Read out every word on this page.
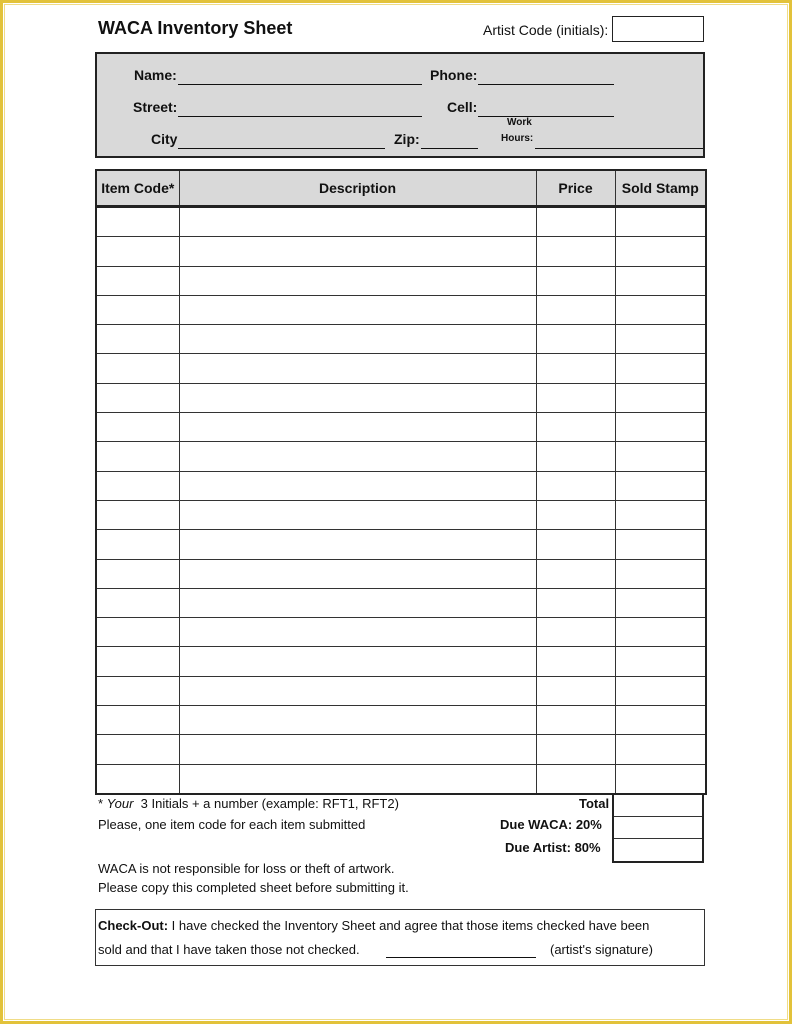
WACA Inventory Sheet	Artist Code (initials):
Name:	Phone:
Street:	Cell:
City	Zip:
Work
Hours:
Item Code*	Description	Price	Sold Stamp

* Your  3 Initials + a number (example: RFT1, RFT2)
Please, one item code for each item submitted
WACA is not responsible for loss or theft of artwork.
Please copy this completed sheet before submitting it.
Total
Due WACA: 20%
Due Artist: 80%
Check-Out: I have checked the Inventory Sheet and agree that those items checked have been
sold and that I have taken those not checked.	(artist's signature)
